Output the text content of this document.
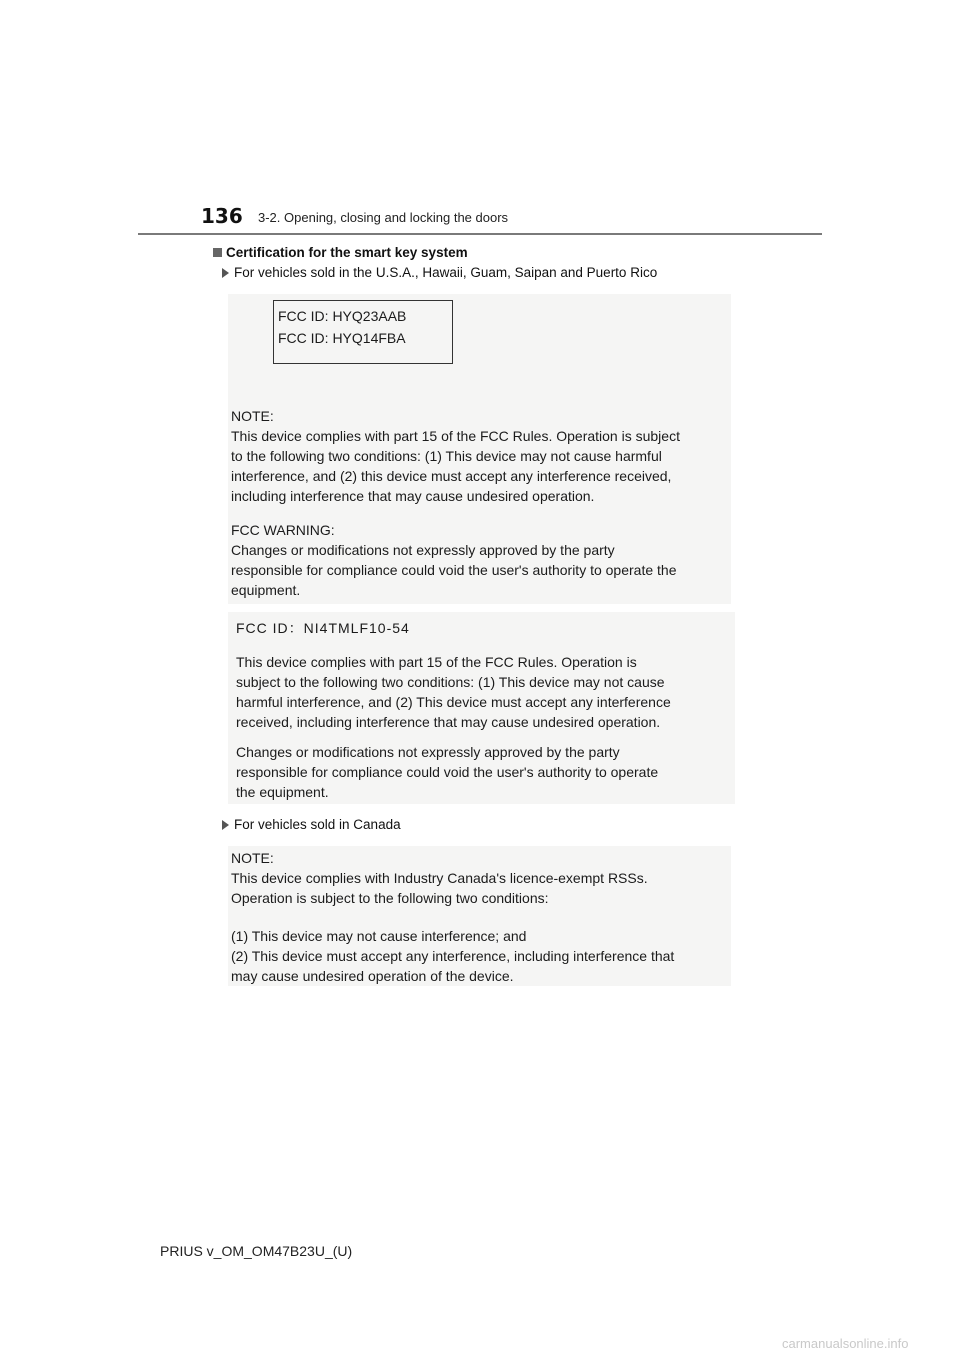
136 3-2. Opening, closing and locking the doors
Certification for the smart key system
For vehicles sold in the U.S.A., Hawaii, Guam, Saipan and Puerto Rico
FCC ID: HYQ23AAB
FCC ID: HYQ14FBA
NOTE:
This device complies with part 15 of the FCC Rules. Operation is subject
to the following two conditions: (1) This device may not cause harmful
interference, and (2) this device must accept any interference received,
including interference that may cause undesired operation.
FCC WARNING:
Changes or modifications not expressly approved by the party
responsible for compliance could void the user's authority to operate the
equipment.
FCC ID：NI4TMLF10-54
This device complies with part 15 of the FCC Rules. Operation is
subject to the following two conditions: (1) This device may not cause
harmful interference, and (2) This device must accept any interference
received, including interference that may cause undesired operation.
Changes or modifications not expressly approved by the party
responsible for compliance could void the user's authority to operate
the equipment.
For vehicles sold in Canada
NOTE:
This device complies with Industry Canada's licence-exempt RSSs.
Operation is subject to the following two conditions:
(1) This device may not cause interference; and
(2) This device must accept any interference, including interference that
may cause undesired operation of the device.
PRIUS v_OM_OM47B23U_(U)
carmanualsonline.info
